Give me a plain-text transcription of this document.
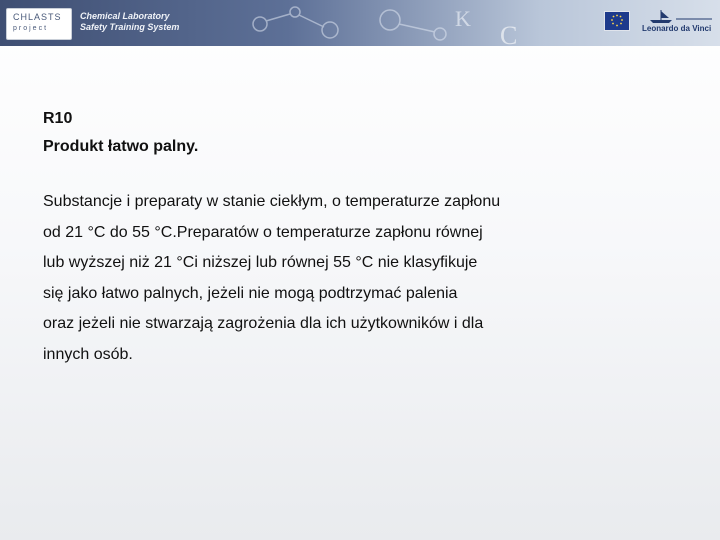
K
C
CHLASTS
project
Chemical Laboratory
Safety Training System	Leonardo da Vinci
R10
Produkt łatwo palny.
Substancje i preparaty w stanie ciekłym, o temperaturze zapłonu
od 21 °C do 55 °C.Preparatów o temperaturze zapłonu równej
lub wyższej niż 21 °Ci niższej lub równej 55 °C nie klasyfikuje
się jako łatwo palnych, jeżeli nie mogą podtrzymać palenia
oraz jeżeli nie stwarzają zagrożenia dla ich użytkowników i dla
innych osób.
